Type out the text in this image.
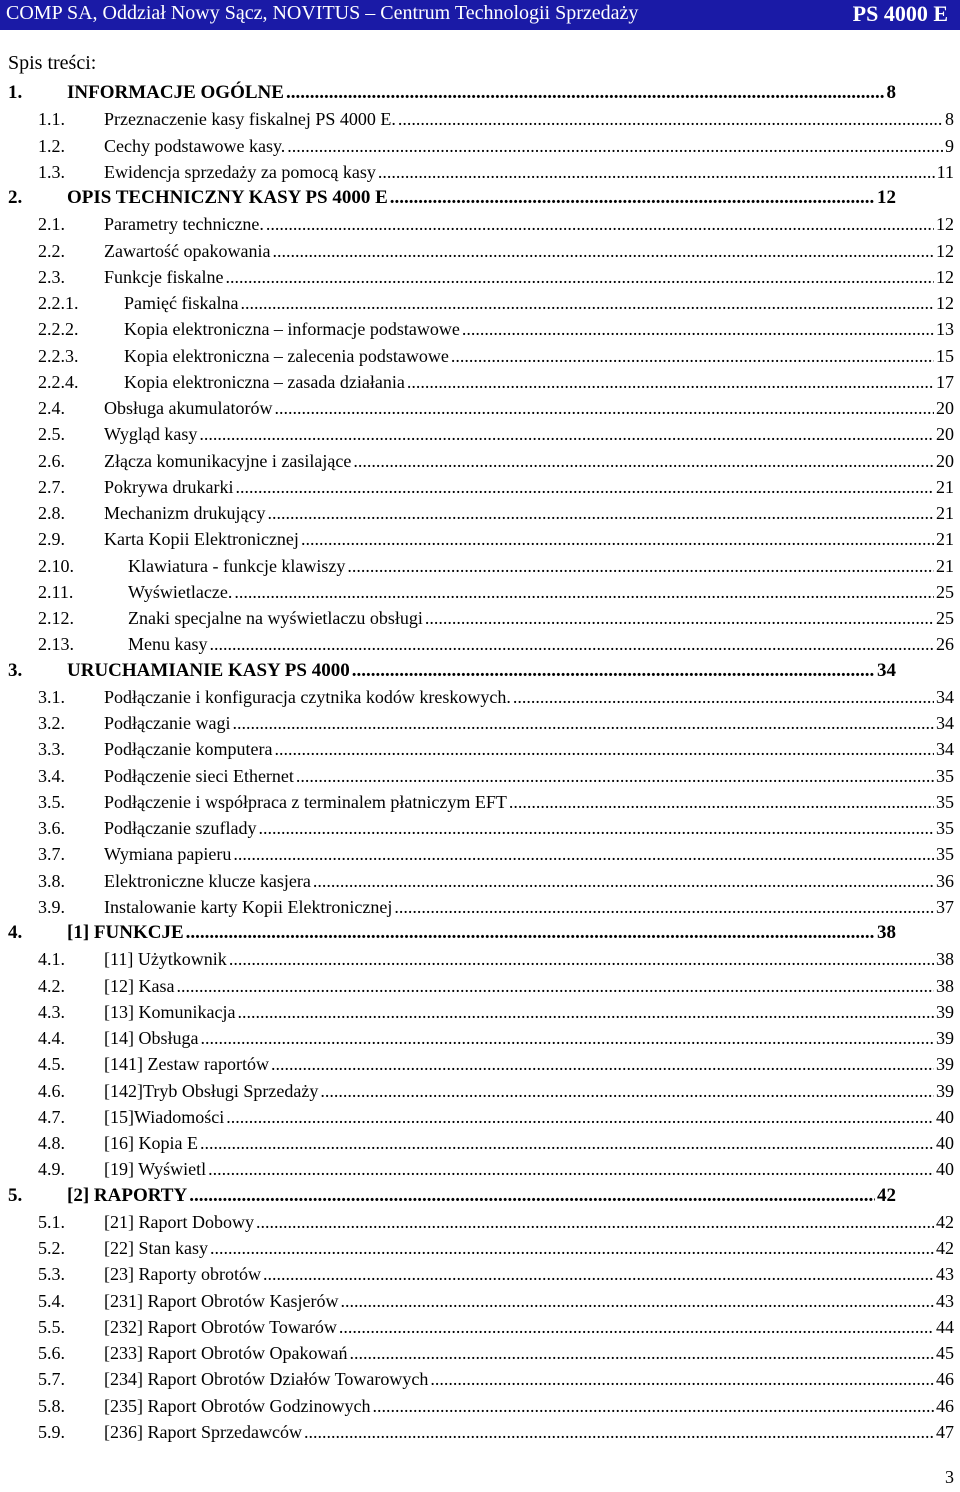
COMP SA, Oddział Nowy Sącz, NOVITUS – Centrum Technologii Sprzedaży	PS 4000 E
Spis treści:
1.	INFORMACJE OGÓLNE .....	8
1.1.	Przeznaczenie kasy fiskalnej PS 4000 E. .....	8
1.2.	Cechy podstawowe kasy. .....	9
1.3.	Ewidencja sprzedaży za pomocą kasy .....	11
2.	OPIS TECHNICZNY KASY PS 4000 E .....	12
2.1.	Parametry techniczne. .....	12
2.2.	Zawartość opakowania .....	12
2.3.	Funkcje fiskalne .....	12
2.2.1.	Pamięć fiskalna .....	12
2.2.2.	Kopia elektroniczna – informacje podstawowe .....	13
2.2.3.	Kopia elektroniczna – zalecenia podstawowe .....	15
2.2.4.	Kopia elektroniczna – zasada działania .....	17
2.4.	Obsługa akumulatorów .....	20
2.5.	Wygląd kasy .....	20
2.6.	Złącza komunikacyjne i zasilające .....	20
2.7.	Pokrywa drukarki .....	21
2.8.	Mechanizm drukujący .....	21
2.9.	Karta Kopii Elektronicznej .....	21
2.10.	Klawiatura - funkcje klawiszy .....	21
2.11.	Wyświetlacze. .....	25
2.12.	Znaki specjalne na wyświetlaczu obsługi .....	25
2.13.	Menu kasy .....	26
3.	URUCHAMIANIE KASY PS 4000 .....	34
3.1.	Podłączanie i konfiguracja czytnika kodów kreskowych. .....	34
3.2.	Podłączanie wagi .....	34
3.3.	Podłączanie komputera .....	34
3.4.	Podłączenie sieci Ethernet .....	35
3.5.	Podłączenie i współpraca z terminalem płatniczym EFT .....	35
3.6.	Podłączanie szuflady .....	35
3.7.	Wymiana papieru .....	35
3.8.	Elektroniczne klucze kasjera .....	36
3.9.	Instalowanie karty Kopii Elektronicznej .....	37
4.	[1] FUNKCJE .....	38
4.1.	[11] Użytkownik .....	38
4.2.	[12] Kasa .....	38
4.3.	[13] Komunikacja .....	39
4.4.	[14] Obsługa .....	39
4.5.	[141] Zestaw raportów .....	39
4.6.	[142]Tryb Obsługi Sprzedaży .....	39
4.7.	[15]Wiadomości .....	40
4.8.	[16] Kopia E .....	40
4.9.	[19] Wyświetl .....	40
5.	[2] RAPORTY .....	42
5.1.	[21] Raport Dobowy .....	42
5.2.	[22] Stan kasy .....	42
5.3.	[23] Raporty obrotów .....	43
5.4.	[231] Raport Obrotów Kasjerów .....	43
5.5.	[232] Raport Obrotów Towarów .....	44
5.6.	[233] Raport Obrotów Opakowań .....	45
5.7.	[234] Raport Obrotów Działów Towarowych .....	46
5.8.	[235] Raport Obrotów Godzinowych .....	46
5.9.	[236] Raport Sprzedawców .....	47
3
